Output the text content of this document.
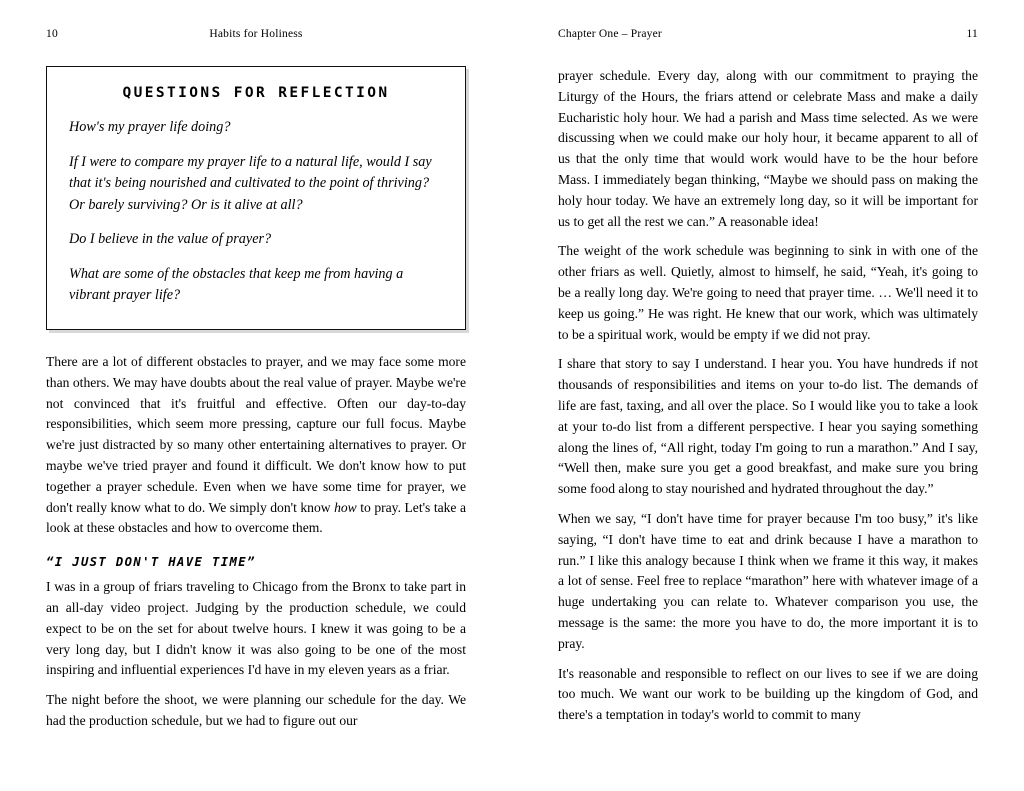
10	Habits for Holiness
QUESTIONS FOR REFLECTION

How's my prayer life doing?

If I were to compare my prayer life to a natural life, would I say that it's being nourished and cultivated to the point of thriving? Or barely surviving? Or is it alive at all?

Do I believe in the value of prayer?

What are some of the obstacles that keep me from having a vibrant prayer life?

There are a lot of different obstacles to prayer, and we may face some more than others. We may have doubts about the real value of prayer. Maybe we're not convinced that it's fruitful and effective. Often our day-to-day responsibilities, which seem more pressing, capture our full focus. Maybe we're just distracted by so many other entertaining alternatives to prayer. Or maybe we've tried prayer and found it difficult. We don't know how to put together a prayer schedule. Even when we have some time for prayer, we don't really know what to do. We simply don't know how to pray. Let's take a look at these obstacles and how to overcome them.

“I JUST DON'T HAVE TIME”

I was in a group of friars traveling to Chicago from the Bronx to take part in an all-day video project. Judging by the production schedule, we could expect to be on the set for about twelve hours. I knew it was going to be a very long day, but I didn't know it was also going to be one of the most inspiring and influential experiences I'd have in my eleven years as a friar.

The night before the shoot, we were planning our schedule for the day. We had the production schedule, but we had to figure out our

Chapter One – Prayer	11

prayer schedule. Every day, along with our commitment to praying the Liturgy of the Hours, the friars attend or celebrate Mass and make a daily Eucharistic holy hour. We had a parish and Mass time selected. As we were discussing when we could make our holy hour, it became apparent to all of us that the only time that would work would have to be the hour before Mass. I immediately began thinking, “Maybe we should pass on making the holy hour today. We have an extremely long day, so it will be important for us to get all the rest we can.” A reasonable idea!

The weight of the work schedule was beginning to sink in with one of the other friars as well. Quietly, almost to himself, he said, “Yeah, it's going to be a really long day. We're going to need that prayer time. … We'll need it to keep us going.” He was right. He knew that our work, which was ultimately to be a spiritual work, would be empty if we did not pray.

I share that story to say I understand. I hear you. You have hundreds if not thousands of responsibilities and items on your to-do list. The demands of life are fast, taxing, and all over the place. So I would like you to take a look at your to-do list from a different perspective. I hear you saying something along the lines of, “All right, today I'm going to run a marathon.” And I say, “Well then, make sure you get a good breakfast, and make sure you bring some food along to stay nourished and hydrated throughout the day.”

When we say, “I don't have time for prayer because I'm too busy,” it's like saying, “I don't have time to eat and drink because I have a marathon to run.” I like this analogy because I think when we frame it this way, it makes a lot of sense. Feel free to replace “marathon” here with whatever image of a huge undertaking you can relate to. Whatever comparison you use, the message is the same: the more you have to do, the more important it is to pray.

It's reasonable and responsible to reflect on our lives to see if we are doing too much. We want our work to be building up the kingdom of God, and there's a temptation in today's world to commit to many
